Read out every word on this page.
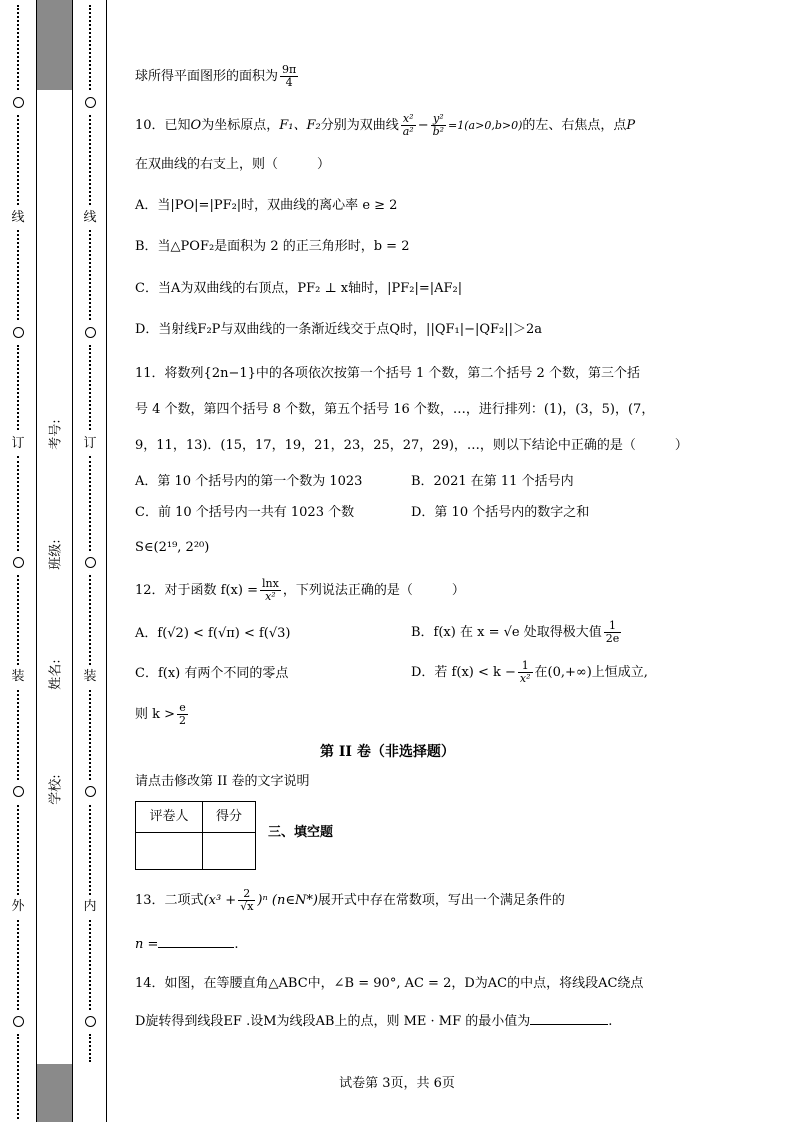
线
订
装
外
考号:
班级:
姓名:
学校:
线
订
装
内
球所得平面图形的面积为 $\frac{9\pi}{4}$
10．已知O为坐标原点，F₁、F₂分别为双曲线 $\frac{\text{x²}}{\text{a²}} - \frac{\text{y²}}{\text{b²}} =1(a>0,b>0)$的左、右焦点，点P
在双曲线的右支上，则（　　　）
A．当|PO|=|PF₂|时，双曲线的离心率 e ≥ 2
B．当△POF₂是面积为 2 的正三角形时，b = 2
C．当A为双曲线的右顶点，PF₂ ⊥ x轴时，|PF₂|=|AF₂|
D．当射线F₂P与双曲线的一条渐近线交于点Q时，||QF₁|−|QF₂||＞2a
11．将数列{2n−1}中的各项依次按第一个括号 1 个数，第二个括号 2 个数，第三个括
号 4 个数，第四个括号 8 个数，第五个括号 16 个数，…，进行排列：(1)，(3，5)，(7，
9，11，13)．(15，17，19，21，23，25，27，29)，…，则以下结论中正确的是（　　　）
A．第 10 个括号内的第一个数为 1023	B．2021 在第 11 个括号内
C．前 10 个括号内一共有 1023 个数	D．第 10 个括号内的数字之和
S∈(2¹⁹, 2²⁰)
12．对于函数 $f(x) = \frac{\ln x}{\text{x²}}$ ，下列说法正确的是（　　　）
A．f(√2) < f(√π) < f(√3)	B．f(x) 在 x = √e 处取得极大值 $\frac{1}{2e}$
C．f(x) 有两个不同的零点	D．若 $f(x) < k - \frac{1}{\text{x²}}$ 在(0,+∞)上恒成立,
则 $k > \frac{e}{2}$
第 II 卷（非选择题）
请点击修改第 II 卷的文字说明
评卷人	得分

三、填空题
13．二项式$(x^3 + \frac{2}{√x} )^n$ (n∈N*)展开式中存在常数项，写出一个满足条件的
n =	.
14．如图，在等腰直角△ABC中，∠B = 90°, AC = 2，D为AC的中点，将线段AC绕点
D旋转得到线段EF .设M为线段AB上的点，则 ME · MF 的最小值为	.
试卷第 3页，共 6页
